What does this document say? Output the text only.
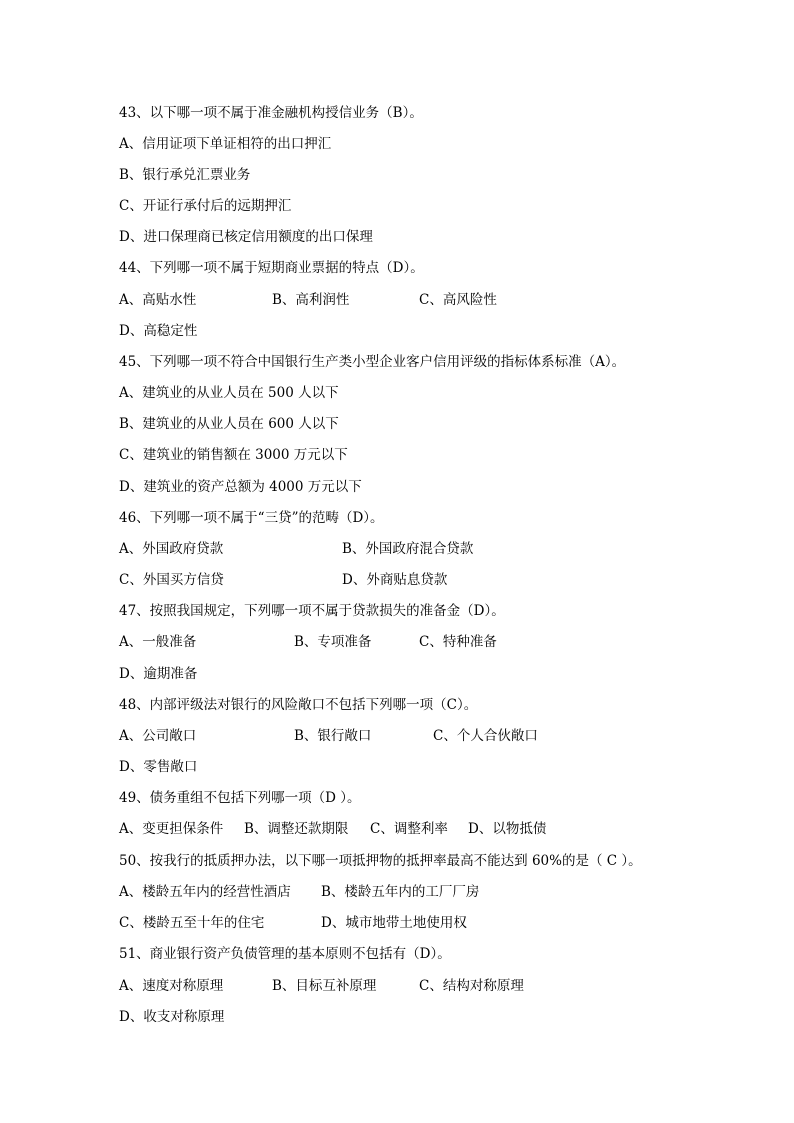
43、以下哪一项不属于准金融机构授信业务（B）。
A、信用证项下单证相符的出口押汇
B、银行承兑汇票业务
C、开证行承付后的远期押汇
D、进口保理商已核定信用额度的出口保理
44、下列哪一项不属于短期商业票据的特点（D）。
A、高贴水性	B、高利润性	C、高风险性
D、高稳定性
45、下列哪一项不符合中国银行生产类小型企业客户信用评级的指标体系标准（A）。
A、建筑业的从业人员在 500 人以下
B、建筑业的从业人员在 600 人以下
C、建筑业的销售额在 3000 万元以下
D、建筑业的资产总额为 4000 万元以下
46、下列哪一项不属于“三贷”的范畴（D）。
A、外国政府贷款	B、外国政府混合贷款
C、外国买方信贷	D、外商贴息贷款
47、按照我国规定，下列哪一项不属于贷款损失的准备金（D）。
A、一般准备	B、专项准备	C、特种准备
D、逾期准备
48、内部评级法对银行的风险敞口不包括下列哪一项（C）。
A、公司敞口	B、银行敞口	C、个人合伙敞口
D、零售敞口
49、债务重组不包括下列哪一项（D ）。
A、变更担保条件 B、调整还款期限 C、调整利率 D、以物抵债
50、按我行的抵质押办法，以下哪一项抵押物的抵押率最高不能达到 60%的是（ C ）。
A、楼龄五年内的经营性酒店 B、楼龄五年内的工厂厂房
C、楼龄五至十年的住宅	D、城市地带土地使用权
51、商业银行资产负债管理的基本原则不包括有（D）。
A、速度对称原理	B、目标互补原理	C、结构对称原理
D、收支对称原理
